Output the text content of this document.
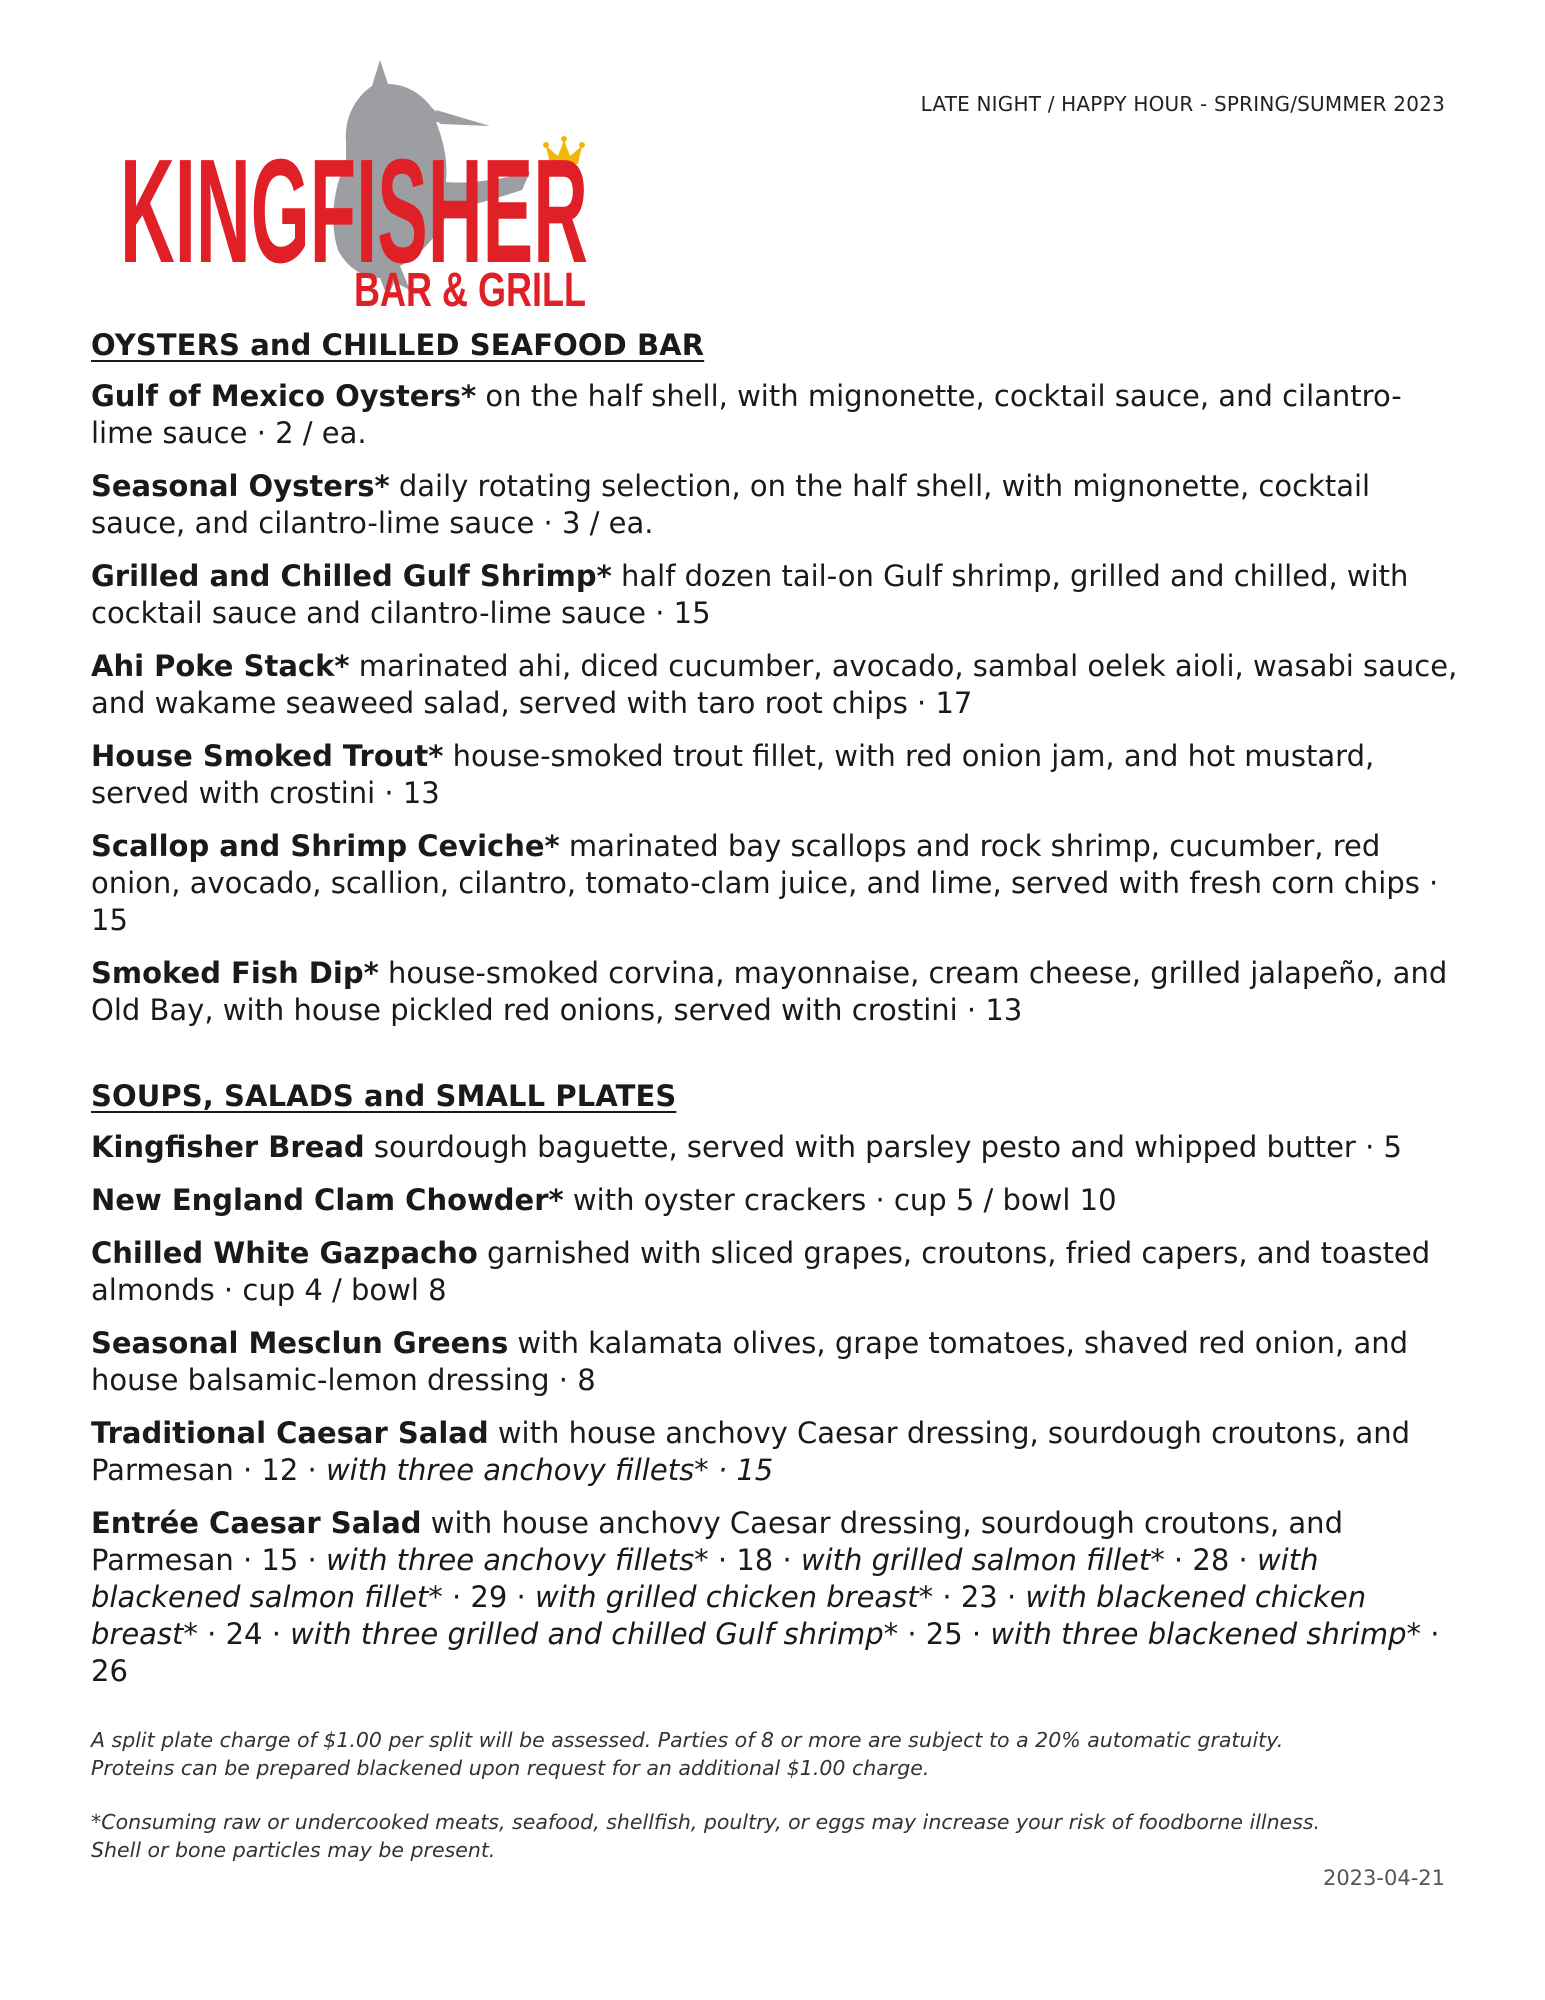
KINGFISHER
BAR & GRILL
LATE NIGHT / HAPPY HOUR - SPRING/SUMMER 2023
OYSTERS and CHILLED SEAFOOD BAR
Gulf of Mexico Oysters* on the half shell, with mignonette, cocktail sauce, and cilantro-lime sauce · 2 / ea.
Seasonal Oysters* daily rotating selection, on the half shell, with mignonette, cocktail sauce, and cilantro-lime sauce · 3 / ea.
Grilled and Chilled Gulf Shrimp* half dozen tail-on Gulf shrimp, grilled and chilled, with cocktail sauce and cilantro-lime sauce · 15
Ahi Poke Stack* marinated ahi, diced cucumber, avocado, sambal oelek aioli, wasabi sauce, and wakame seaweed salad, served with taro root chips · 17
House Smoked Trout* house-smoked trout fillet, with red onion jam, and hot mustard, served with crostini · 13
Scallop and Shrimp Ceviche* marinated bay scallops and rock shrimp, cucumber, red onion, avocado, scallion, cilantro, tomato-clam juice, and lime, served with fresh corn chips · 15
Smoked Fish Dip* house-smoked corvina, mayonnaise, cream cheese, grilled jalapeño, and Old Bay, with house pickled red onions, served with crostini · 13
SOUPS, SALADS and SMALL PLATES
Kingfisher Bread sourdough baguette, served with parsley pesto and whipped butter · 5
New England Clam Chowder* with oyster crackers · cup 5 / bowl 10
Chilled White Gazpacho garnished with sliced grapes, croutons, fried capers, and toasted almonds · cup 4 / bowl 8
Seasonal Mesclun Greens with kalamata olives, grape tomatoes, shaved red onion, and house balsamic-lemon dressing · 8
Traditional Caesar Salad with house anchovy Caesar dressing, sourdough croutons, and Parmesan · 12 · with three anchovy fillets* · 15
Entrée Caesar Salad with house anchovy Caesar dressing, sourdough croutons, and Parmesan · 15 · with three anchovy fillets* · 18 · with grilled salmon fillet* · 28 · with blackened salmon fillet* · 29 · with grilled chicken breast* · 23 · with blackened chicken breast* · 24 · with three grilled and chilled Gulf shrimp* · 25 · with three blackened shrimp* · 26

A split plate charge of $1.00 per split will be assessed. Parties of 8 or more are subject to a 20% automatic gratuity.

Proteins can be prepared blackened upon request for an additional $1.00 charge.

*Consuming raw or undercooked meats, seafood, shellfish, poultry, or eggs may increase your risk of foodborne illness.

Shell or bone particles may be present.

2023-04-21
